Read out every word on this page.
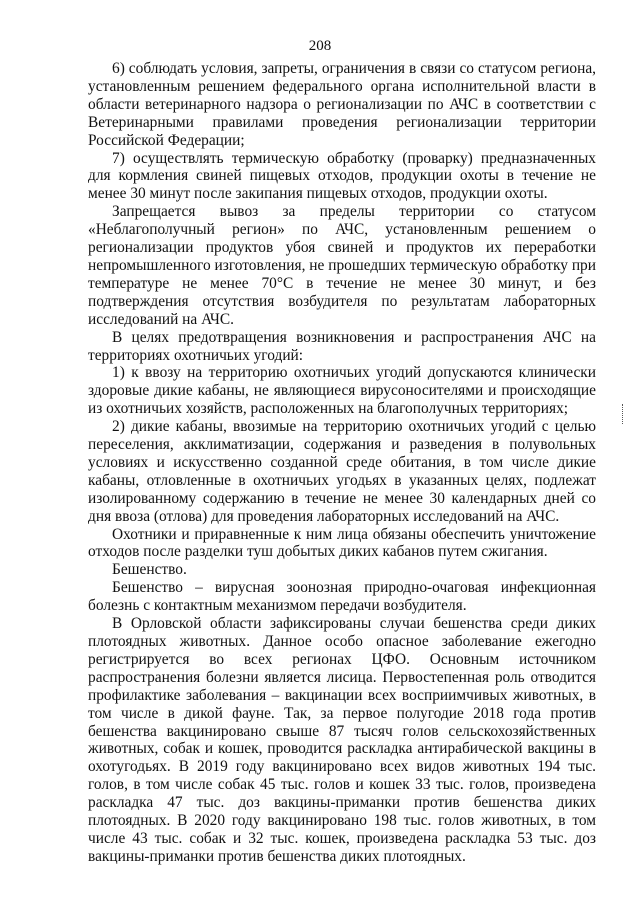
208

6) соблюдать условия, запреты, ограничения в связи со статусом региона, установленным решением федерального органа исполнительной власти в области ветеринарного надзора о регионализации по АЧС в соответствии с Ветеринарными правилами проведения регионализации территории Российской Федерации;

7) осуществлять термическую обработку (проварку) предназначенных для кормления свиней пищевых отходов, продукции охоты в течение не менее 30 минут после закипания пищевых отходов, продукции охоты.

Запрещается вывоз за пределы территории со статусом «Неблагополучный регион» по АЧС, установленным решением о регионализации продуктов убоя свиней и продуктов их переработки непромышленного изготовления, не прошедших термическую обработку при температуре не менее 70°С в течение не менее 30 минут, и без подтверждения отсутствия возбудителя по результатам лабораторных исследований на АЧС.

В целях предотвращения возникновения и распространения АЧС на территориях охотничьих угодий:

1) к ввозу на территорию охотничьих угодий допускаются клинически здоровые дикие кабаны, не являющиеся вирусоносителями и происходящие из охотничьих хозяйств, расположенных на благополучных территориях;

2) дикие кабаны, ввозимые на территорию охотничьих угодий с целью переселения, акклиматизации, содержания и разведения в полувольных условиях и искусственно созданной среде обитания, в том числе дикие кабаны, отловленные в охотничьих угодьях в указанных целях, подлежат изолированному содержанию в течение не менее 30 календарных дней со дня ввоза (отлова) для проведения лабораторных исследований на АЧС.

Охотники и приравненные к ним лица обязаны обеспечить уничтожение отходов после разделки туш добытых диких кабанов путем сжигания.

Бешенство.

Бешенство – вирусная зоонозная природно-очаговая инфекционная болезнь с контактным механизмом передачи возбудителя.

В Орловской области зафиксированы случаи бешенства среди диких плотоядных животных. Данное особо опасное заболевание ежегодно регистрируется во всех регионах ЦФО. Основным источником распространения болезни является лисица. Первостепенная роль отводится профилактике заболевания – вакцинации всех восприимчивых животных, в том числе в дикой фауне. Так, за первое полугодие 2018 года против бешенства вакцинировано свыше 87 тысяч голов сельскохозяйственных животных, собак и кошек, проводится раскладка антирабической вакцины в охотугодьях. В 2019 году вакцинировано всех видов животных 194 тыс. голов, в том числе собак 45 тыс. голов и кошек 33 тыс. голов, произведена раскладка 47 тыс. доз вакцины-приманки против бешенства диких плотоядных. В 2020 году вакцинировано 198 тыс. голов животных, в том числе 43 тыс. собак и 32 тыс. кошек, произведена раскладка 53 тыс. доз вакцины-приманки против бешенства диких плотоядных.
